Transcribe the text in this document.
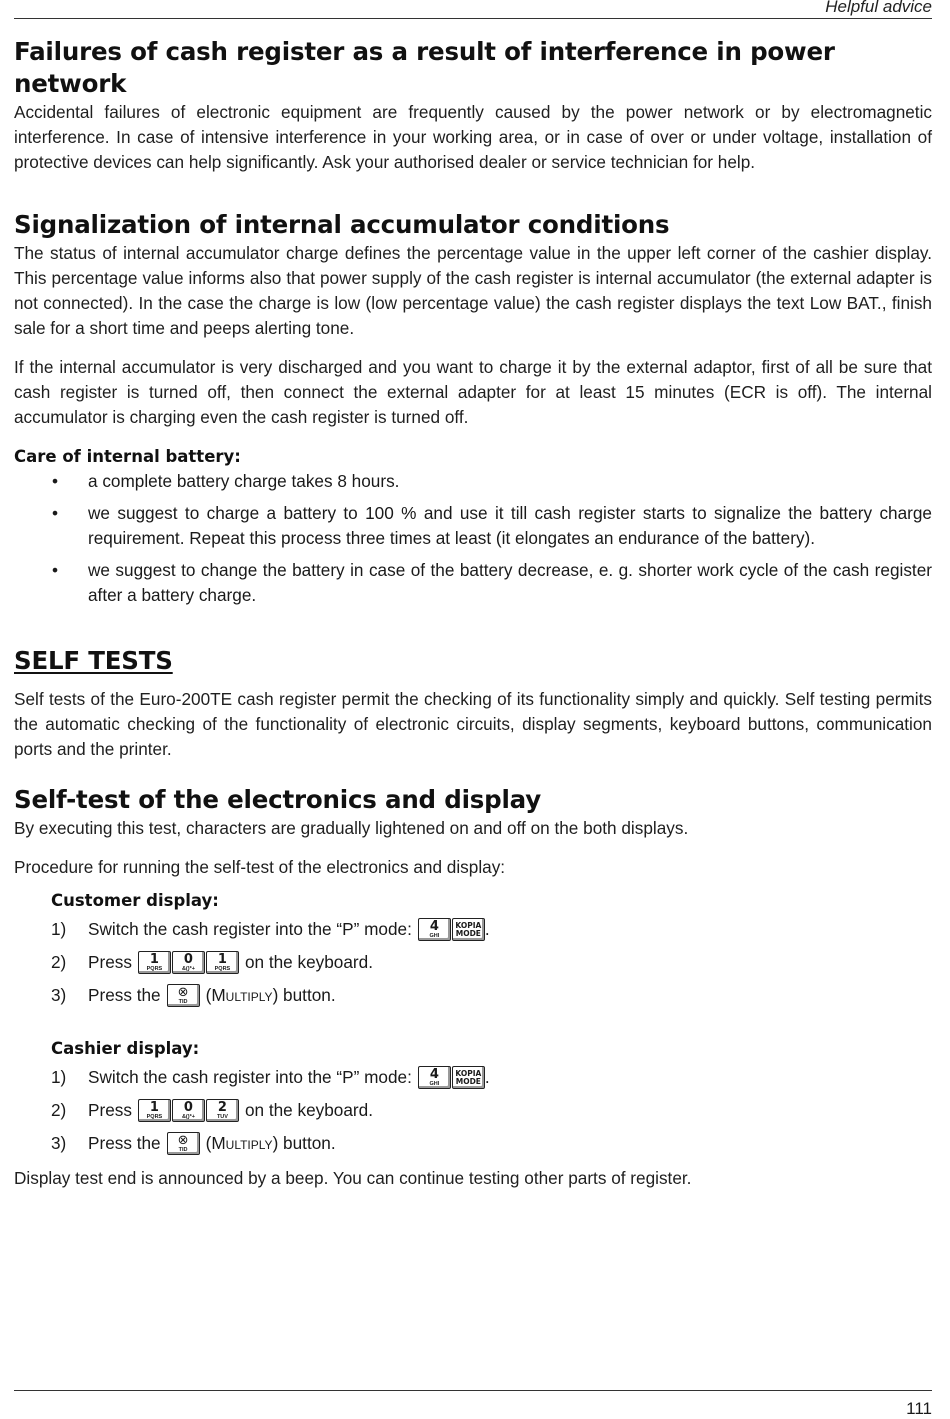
Helpful advice
Failures of cash register as a result of interference in power network

Accidental failures of electronic equipment are frequently caused by the power network or by electromagnetic interference. In case of intensive interference in your working area, or in case of over or under voltage, installation of protective devices can help significantly. Ask your authorised dealer or service technician for help.

Signalization of internal accumulator conditions

The status of internal accumulator charge defines the percentage value in the upper left corner of the cashier display. This percentage value informs also that power supply of the cash register is internal accumulator (the external adapter is not connected). In the case the charge is low (low percentage value) the cash register displays the text Low BAT., finish sale for a short time and peeps alerting tone.

If the internal accumulator is very discharged and you want to charge it by the external adaptor, first of all be sure that cash register is turned off, then connect the external adapter for at least 15 minutes (ECR is off). The internal accumulator is charging even the cash register is turned off.

Care of internal battery:
• a complete battery charge takes 8 hours.
• we suggest to charge a battery to 100 % and use it till cash register starts to signalize the battery charge requirement. Repeat this process three times at least (it elongates an endurance of the battery).
• we suggest to change the battery in case of the battery decrease, e. g. shorter work cycle of the cash register after a battery charge.
SELF TESTS

Self tests of the Euro-200TE cash register permit the checking of its functionality simply and quickly. Self testing permits the automatic checking of the functionality of electronic circuits, display segments, keyboard buttons, communication ports and the printer.

Self-test of the electronics and display

By executing this test, characters are gradually lightened on and off on the both displays.

Procedure for running the self-test of the electronics and display:

Customer display:
1)	Switch the cash register into the “P” mode: 4
GHI
KOPIA
MODE .
2)	Press 1
PQRS
0
&()*+
1
PQRS on the keyboard.
3)	Press the ⊗
TID (M ultiply ) button.
Cashier display:
1)	Switch the cash register into the “P” mode: 4
GHI
KOPIA
MODE .
2)	Press 1
PQRS
0
&()*+
2
TUV on the keyboard.
3)	Press the ⊗
TID (M ultiply ) button.

Display test end is announced by a beep. You can continue testing other parts of register.

111
